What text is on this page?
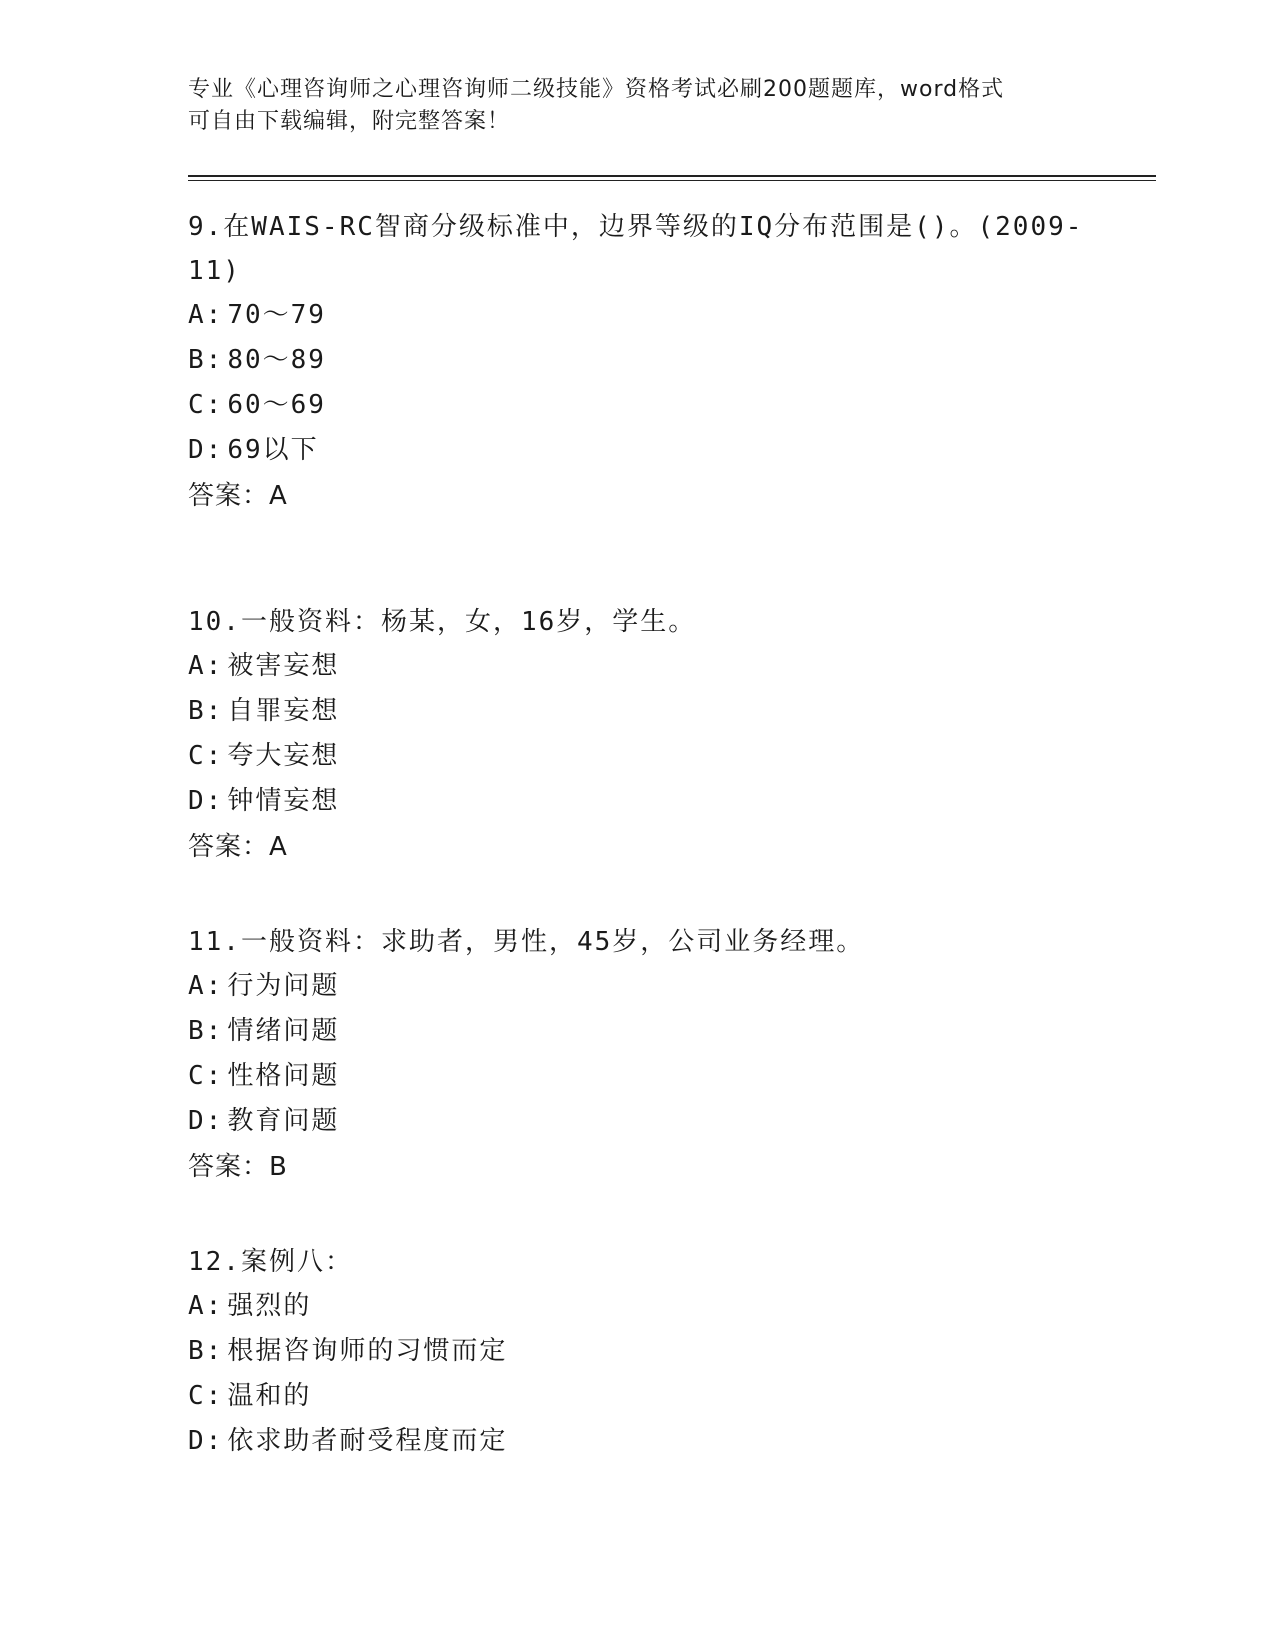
专业《心理咨询师之心理咨询师二级技能》资格考试必刷200题题库，word格式
可自由下载编辑，附完整答案！
9.在WAIS-RC智商分级标准中，边界等级的IQ分布范围是()。(2009-
11)
A: 70～79
B: 80～89
C: 60～69
D: 69以下
答案：A
10.一般资料：杨某，女，16岁，学生。
A: 被害妄想
B: 自罪妄想
C: 夸大妄想
D: 钟情妄想
答案：A
11.一般资料：求助者，男性，45岁，公司业务经理。
A: 行为问题
B: 情绪问题
C: 性格问题
D: 教育问题
答案：B
12.案例八：
A: 强烈的
B: 根据咨询师的习惯而定
C: 温和的
D: 依求助者耐受程度而定
